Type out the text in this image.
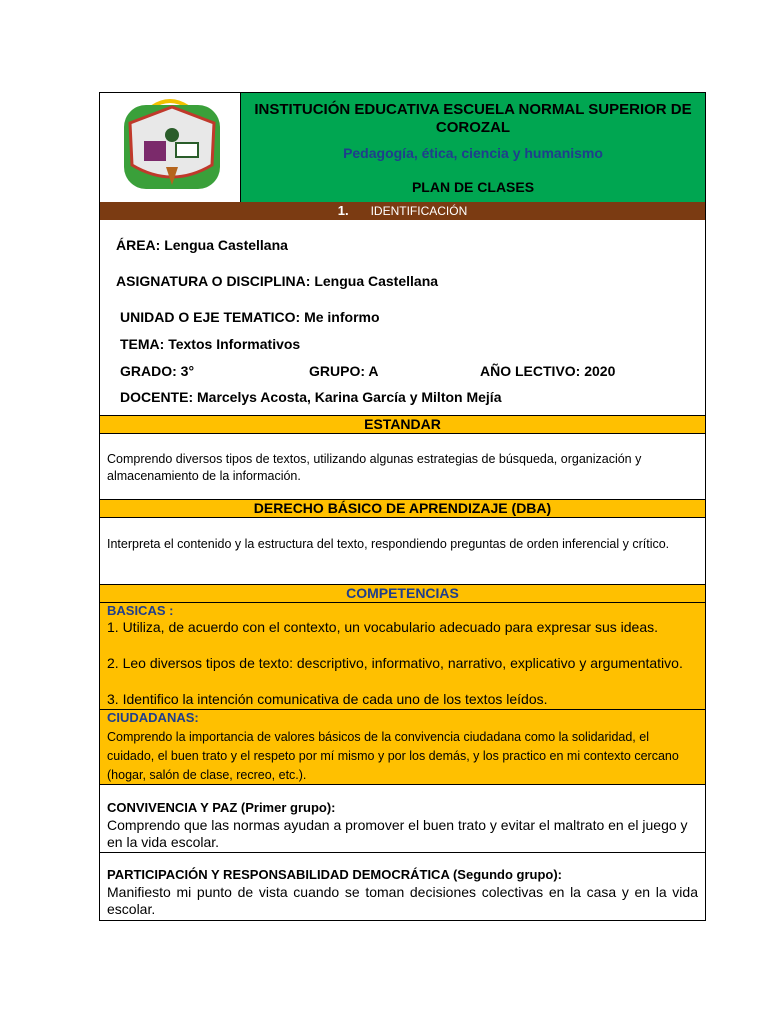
INSTITUCIÓN EDUCATIVA ESCUELA NORMAL SUPERIOR DE COROZAL
Pedagogía, ética, ciencia y humanismo
PLAN DE CLASES
1. IDENTIFICACIÓN
ÁREA: Lengua Castellana
ASIGNATURA O DISCIPLINA: Lengua Castellana
UNIDAD O EJE TEMATICO: Me informo
TEMA: Textos Informativos
GRADO: 3°	GRUPO: A	AÑO LECTIVO: 2020
DOCENTE: Marcelys Acosta, Karina García y Milton Mejía
ESTANDAR
Comprendo diversos tipos de textos, utilizando algunas estrategias de búsqueda, organización y almacenamiento de la información.
DERECHO BÁSICO DE APRENDIZAJE (DBA)
Interpreta el contenido y la estructura del texto, respondiendo preguntas de orden inferencial y crítico.
COMPETENCIAS
BASICAS :
1. Utiliza, de acuerdo con el contexto, un vocabulario adecuado para expresar sus ideas.
2. Leo diversos tipos de texto: descriptivo, informativo, narrativo, explicativo y argumentativo.
3. Identifico la intención comunicativa de cada uno de los textos leídos.
CIUDADANAS:
Comprendo la importancia de valores básicos de la convivencia ciudadana como la solidaridad, el cuidado, el buen trato y el respeto por mí mismo y por los demás, y los practico en mi contexto cercano (hogar, salón de clase, recreo, etc.).
CONVIVENCIA Y PAZ (Primer grupo):
Comprendo que las normas ayudan a promover el buen trato y evitar el maltrato en el juego y en la vida escolar.
PARTICIPACIÓN Y RESPONSABILIDAD DEMOCRÁTICA (Segundo grupo):
Manifiesto mi punto de vista cuando se toman decisiones colectivas en la casa y en la vida escolar.
